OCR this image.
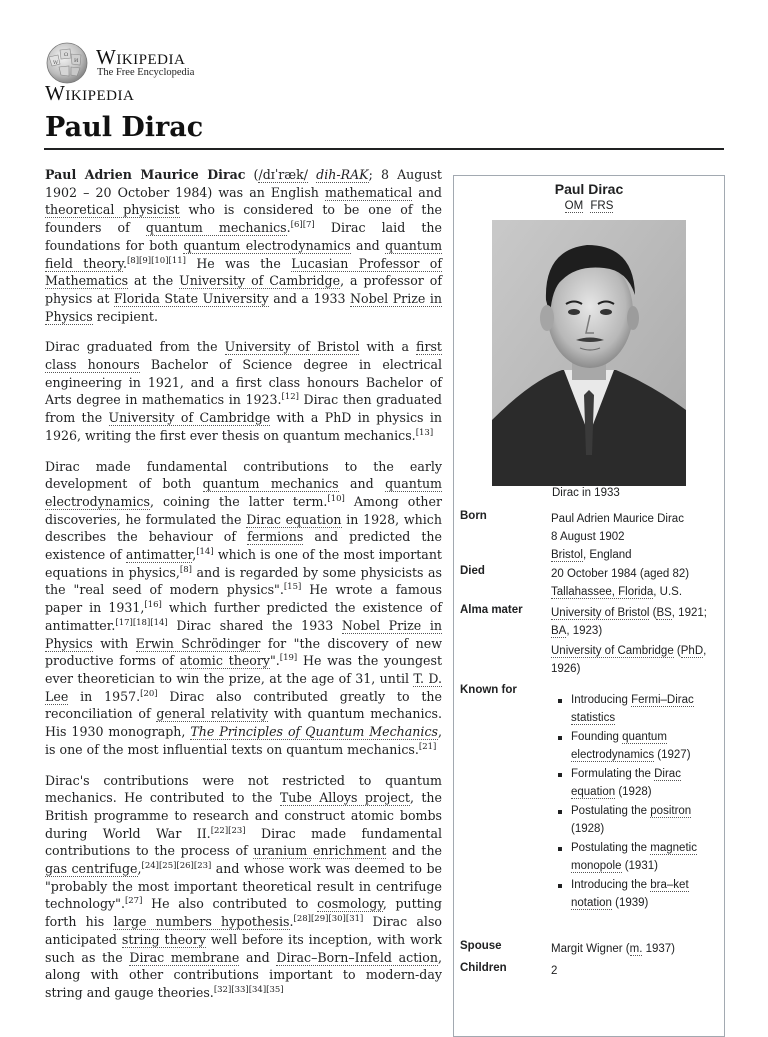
W
Ω
И Wikipedia
The Free Encyclopedia
Wikipedia
Paul Dirac

Paul Adrien Maurice Dirac (/dɪˈræk/ dih-RAK; 8 August 1902 – 20 October 1984) was an English mathematical and theoretical physicist who is considered to be one of the founders of quantum mechanics.[6][7] Dirac laid the foundations for both quantum electrodynamics and quantum field theory.[8][9][10][11] He was the Lucasian Professor of Mathematics at the University of Cambridge, a professor of physics at Florida State University and a 1933 Nobel Prize in Physics recipient.

Dirac graduated from the University of Bristol with a first class honours Bachelor of Science degree in electrical engineering in 1921, and a first class honours Bachelor of Arts degree in mathematics in 1923.[12] Dirac then graduated from the University of Cambridge with a PhD in physics in 1926, writing the first ever thesis on quantum mechanics.[13]

Dirac made fundamental contributions to the early development of both quantum mechanics and quantum electrodynamics, coining the latter term.[10] Among other discoveries, he formulated the Dirac equation in 1928, which describes the behaviour of fermions and predicted the existence of antimatter,[14] which is one of the most important equations in physics,[8] and is regarded by some physicists as the "real seed of modern physics".[15] He wrote a famous paper in 1931,[16] which further predicted the existence of antimatter.[17][18][14] Dirac shared the 1933 Nobel Prize in Physics with Erwin Schrödinger for "the discovery of new productive forms of atomic theory".[19] He was the youngest ever theoretician to win the prize, at the age of 31, until T. D. Lee in 1957.[20] Dirac also contributed greatly to the reconciliation of general relativity with quantum mechanics. His 1930 monograph, The Principles of Quantum Mechanics, is one of the most influential texts on quantum mechanics.[21]

Dirac's contributions were not restricted to quantum mechanics. He contributed to the Tube Alloys project, the British programme to research and construct atomic bombs during World War II.[22][23] Dirac made fundamental contributions to the process of uranium enrichment and the gas centrifuge,[24][25][26][23] and whose work was deemed to be "probably the most important theoretical result in centrifuge technology".[27] He also contributed to cosmology, putting forth his large numbers hypothesis.[28][29][30][31] Dirac also anticipated string theory well before its inception, with work such as the Dirac membrane and Dirac–Born–Infeld action, along with other contributions important to modern-day string and gauge theories.[32][33][34][35]

Paul Dirac
OM FRS
Dirac in 1933
Born	Paul Adrien Maurice Dirac
8 August 1902
Bristol, England
Died	20 October 1984 (aged 82)
Tallahassee, Florida, U.S.
Alma mater	University of Bristol (BS, 1921; BA, 1923)
University of Cambridge (PhD, 1926)
Known for
Introducing Fermi–Dirac statistics
Founding quantum electrodynamics (1927)
Formulating the Dirac equation (1928)
Postulating the positron (1928)
Postulating the magnetic monopole (1931)
Introducing the bra–ket notation (1939)
Spouse	Margit Wigner (m. 1937)
Children	2
